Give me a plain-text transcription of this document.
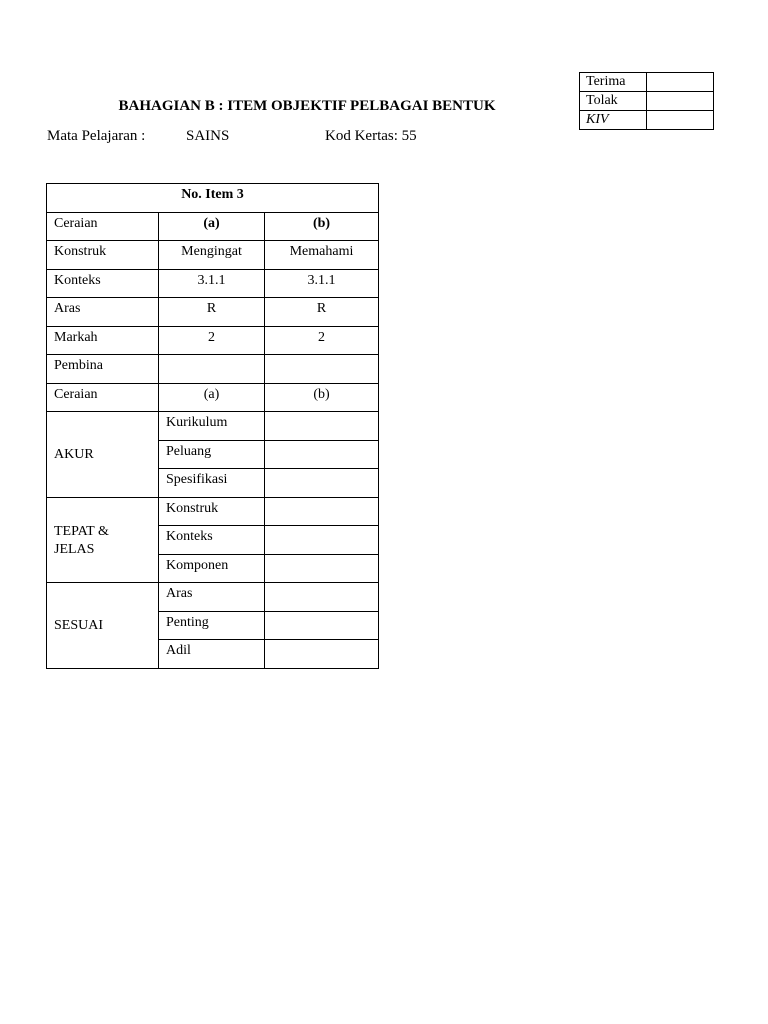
Terima	
Tolak	
KIV	
BAHAGIAN B : ITEM OBJEKTIF PELBAGAI BENTUK
Mata Pelajaran :	SAINS	Kod Kertas: 55
No. Item 3		

Ceraian	(a)	(b)

Konstruk	Mengingat	Memahami

Konteks	3.1.1	3.1.1

Aras	R	R

Markah	2	2

Pembina		

Ceraian	(a)	(b)

AKUR	Kurikulum	

	Peluang	

	Spesifikasi	

TEPAT & JELAS	Konstruk	

	Konteks	

	Komponen	

SESUAI	Aras	

	Penting	

	Adil	
